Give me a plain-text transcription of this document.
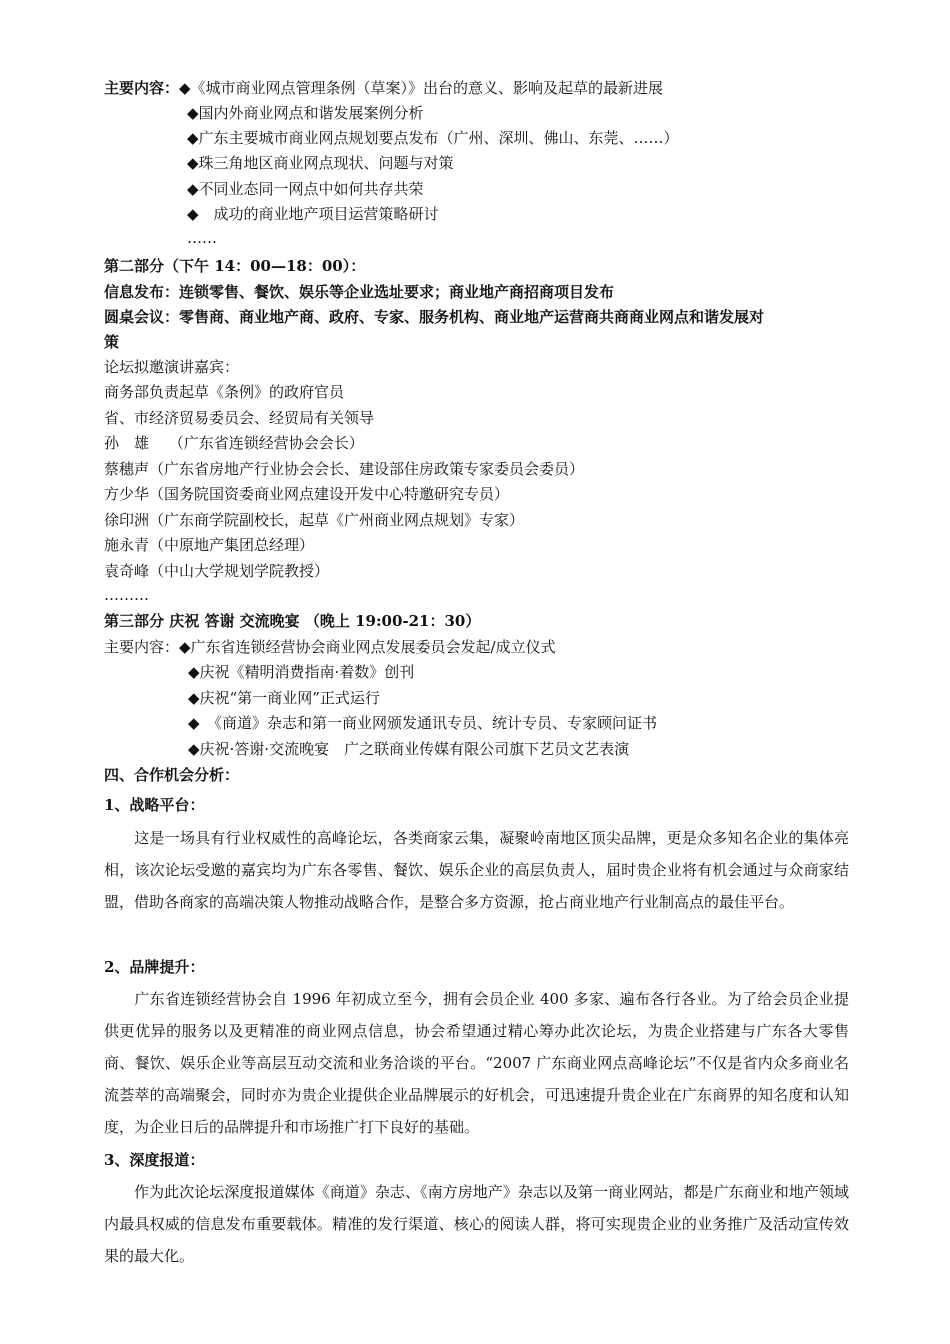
主要内容：◆《城市商业网点管理条例（草案）》出台的意义、影响及起草的最新进展
◆国内外商业网点和谐发展案例分析
◆广东主要城市商业网点规划要点发布（广州、深圳、佛山、东莞、……）
◆珠三角地区商业网点现状、问题与对策
◆不同业态同一网点中如何共存共荣
◆　成功的商业地产项目运营策略研讨
……
第二部分（下午 14：00—18：00）：
信息发布：连锁零售、餐饮、娱乐等企业选址要求；商业地产商招商项目发布
圆桌会议：零售商、商业地产商、政府、专家、服务机构、商业地产运营商共商商业网点和谐发展对
策
论坛拟邀演讲嘉宾：
商务部负责起草《条例》的政府官员
省、市经济贸易委员会、经贸局有关领导
孙　雄　 （广东省连锁经营协会会长）
蔡穗声（广东省房地产行业协会会长、建设部住房政策专家委员会委员）
方少华（国务院国资委商业网点建设开发中心特邀研究专员）
徐印洲（广东商学院副校长，起草《广州商业网点规划》专家）
施永青（中原地产集团总经理）
袁奇峰（中山大学规划学院教授）
………
第三部分 庆祝 答谢 交流晚宴 （晚上 19:00-21：30）
主要内容：◆广东省连锁经营协会商业网点发展委员会发起/成立仪式
◆庆祝《精明消费指南·着数》创刊
◆庆祝“第一商业网”正式运行
◆　《商道》杂志和第一商业网颁发通讯专员、统计专员、专家顾问证书
◆庆祝·答谢·交流晚宴　广之联商业传媒有限公司旗下艺员文艺表演
四、合作机会分析：
1、战略平台：
这是一场具有行业权威性的高峰论坛，各类商家云集，凝聚岭南地区顶尖品牌，更是众多知名企业的集体亮相，该次论坛受邀的嘉宾均为广东各零售、餐饮、娱乐企业的高层负责人，届时贵企业将有机会通过与众商家结盟，借助各商家的高端决策人物推动战略合作，是整合多方资源，抢占商业地产行业制高点的最佳平台。
2、品牌提升：
广东省连锁经营协会自 1996 年初成立至今，拥有会员企业 400 多家、遍布各行各业。为了给会员企业提供更优异的服务以及更精准的商业网点信息，协会希望通过精心筹办此次论坛，为贵企业搭建与广东各大零售商、餐饮、娱乐企业等高层互动交流和业务洽谈的平台。“2007 广东商业网点高峰论坛”不仅是省内众多商业名流荟萃的高端聚会，同时亦为贵企业提供企业品牌展示的好机会，可迅速提升贵企业在广东商界的知名度和认知度，为企业日后的品牌提升和市场推广打下良好的基础。
3、深度报道：
作为此次论坛深度报道媒体《商道》杂志、《南方房地产》杂志以及第一商业网站，都是广东商业和地产领域内最具权威的信息发布重要载体。精准的发行渠道、核心的阅读人群，将可实现贵企业的业务推广及活动宣传效果的最大化。
